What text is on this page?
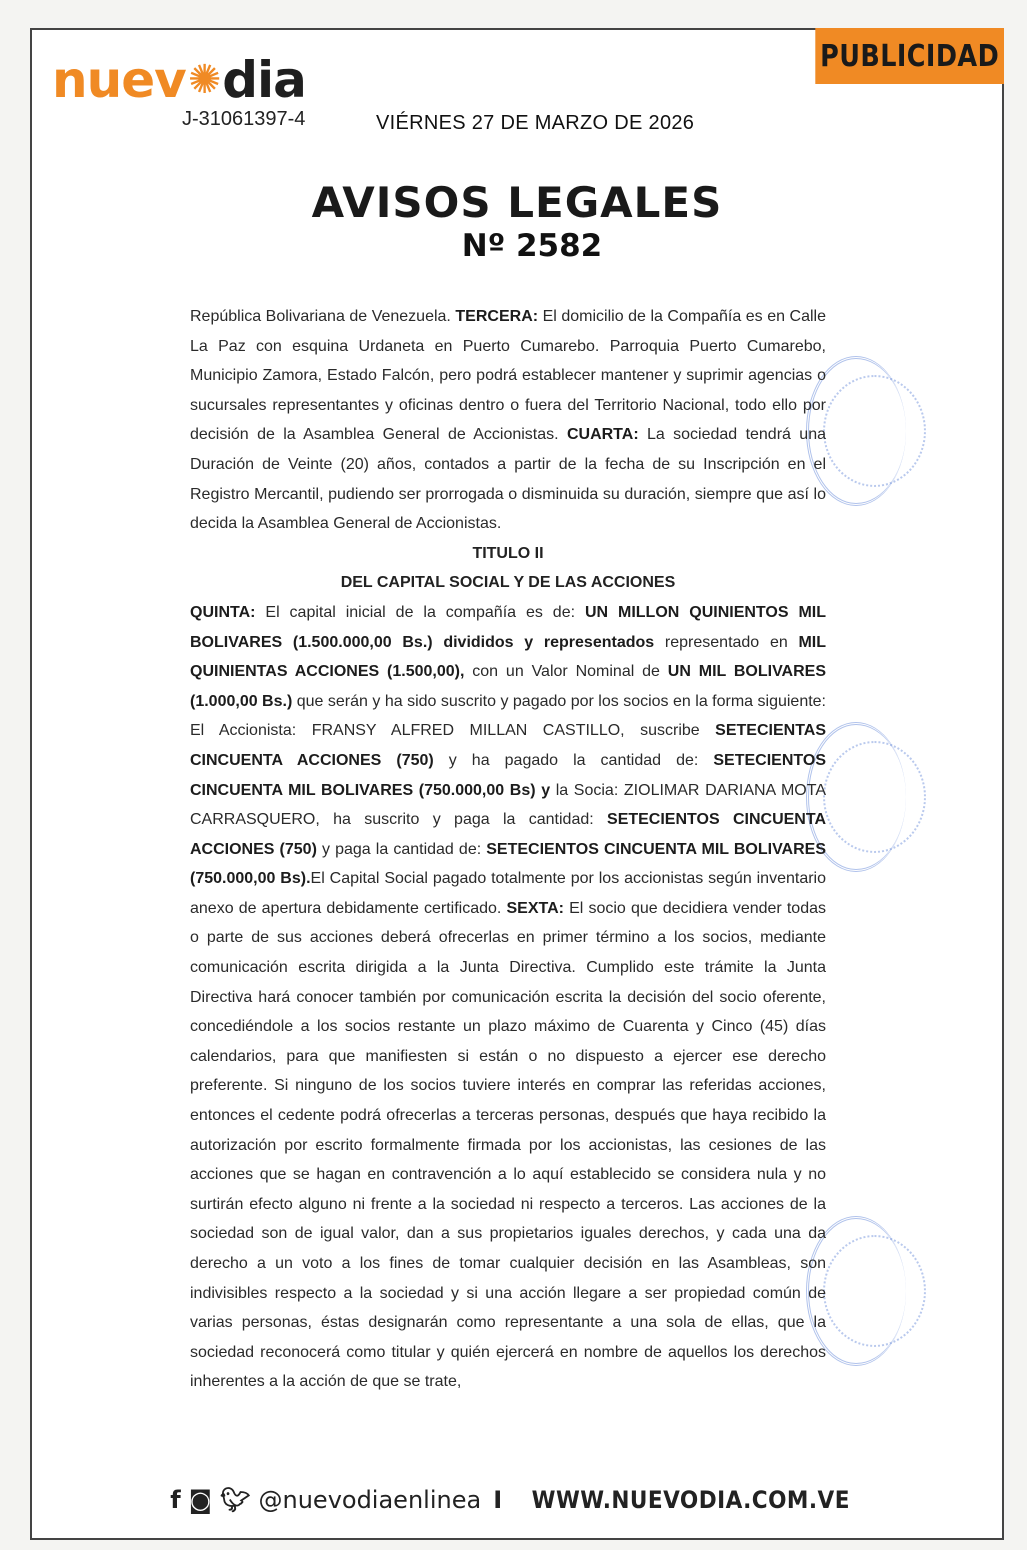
PUBLICIDAD
nuev ✺ dia
J-31061397-4	VIÉRNES 27 DE MARZO DE 2026
AVISOS LEGALES
Nº 2582

República Bolivariana de Venezuela. TERCERA: El domicilio de la Compañía es en Calle La Paz con esquina Urdaneta en Puerto Cumarebo. Parroquia Puerto Cumarebo, Municipio Zamora, Estado Falcón, pero podrá establecer mantener y suprimir agencias o sucursales representantes y oficinas dentro o fuera del Territorio Nacional, todo ello por decisión de la Asamblea General de Accionistas. CUARTA: La sociedad tendrá una Duración de Veinte (20) años, contados a partir de la fecha de su Inscripción en el Registro Mercantil, pudiendo ser prorrogada o disminuida su duración, siempre que así lo decida la Asamblea General de Accionistas.

TITULO II
DEL CAPITAL SOCIAL Y DE LAS ACCIONES

QUINTA: El capital inicial de la compañía es de: UN MILLON QUINIENTOS MIL BOLIVARES (1.500.000,00 Bs.) divididos y representados representado en MIL QUINIENTAS ACCIONES (1.500,00), con un Valor Nominal de UN MIL BOLIVARES (1.000,00 Bs.) que serán y ha sido suscrito y pagado por los socios en la forma siguiente: El Accionista: FRANSY ALFRED MILLAN CASTILLO, suscribe SETECIENTAS CINCUENTA ACCIONES (750) y ha pagado la cantidad de: SETECIENTOS CINCUENTA MIL BOLIVARES (750.000,00 Bs) y la Socia: ZIOLIMAR DARIANA MOTA CARRASQUERO, ha suscrito y paga la cantidad: SETECIENTOS CINCUENTA ACCIONES (750) y paga la cantidad de: SETECIENTOS CINCUENTA MIL BOLIVARES (750.000,00 Bs).El Capital Social pagado totalmente por los accionistas según inventario anexo de apertura debidamente certificado. SEXTA: El socio que decidiera vender todas o parte de sus acciones deberá ofrecerlas en primer término a los socios, mediante comunicación escrita dirigida a la Junta Directiva. Cumplido este trámite la Junta Directiva hará conocer también por comunicación escrita la decisión del socio oferente, concediéndole a los socios restante un plazo máximo de Cuarenta y Cinco (45) días calendarios, para que manifiesten si están o no dispuesto a ejercer ese derecho preferente. Si ninguno de los socios tuviere interés en comprar las referidas acciones, entonces el cedente podrá ofrecerlas a terceras personas, después que haya recibido la autorización por escrito formalmente firmada por los accionistas, las cesiones de las acciones que se hagan en contravención a lo aquí establecido se considera nula y no surtirán efecto alguno ni frente a la sociedad ni respecto a terceros. Las acciones de la sociedad son de igual valor, dan a sus propietarios iguales derechos, y cada una da derecho a un voto a los fines de tomar cualquier decisión en las Asambleas, son indivisibles respecto a la sociedad y si una acción llegare a ser propiedad común de varias personas, éstas designarán como representante a una sola de ellas, que la sociedad reconocerá como titular y quién ejercerá en nombre de aquellos los derechos inherentes a la acción de que se trate,

f ◙ 🐦︎ @nuevodiaenlinea I WWW.NUEVODIA.COM.VE
